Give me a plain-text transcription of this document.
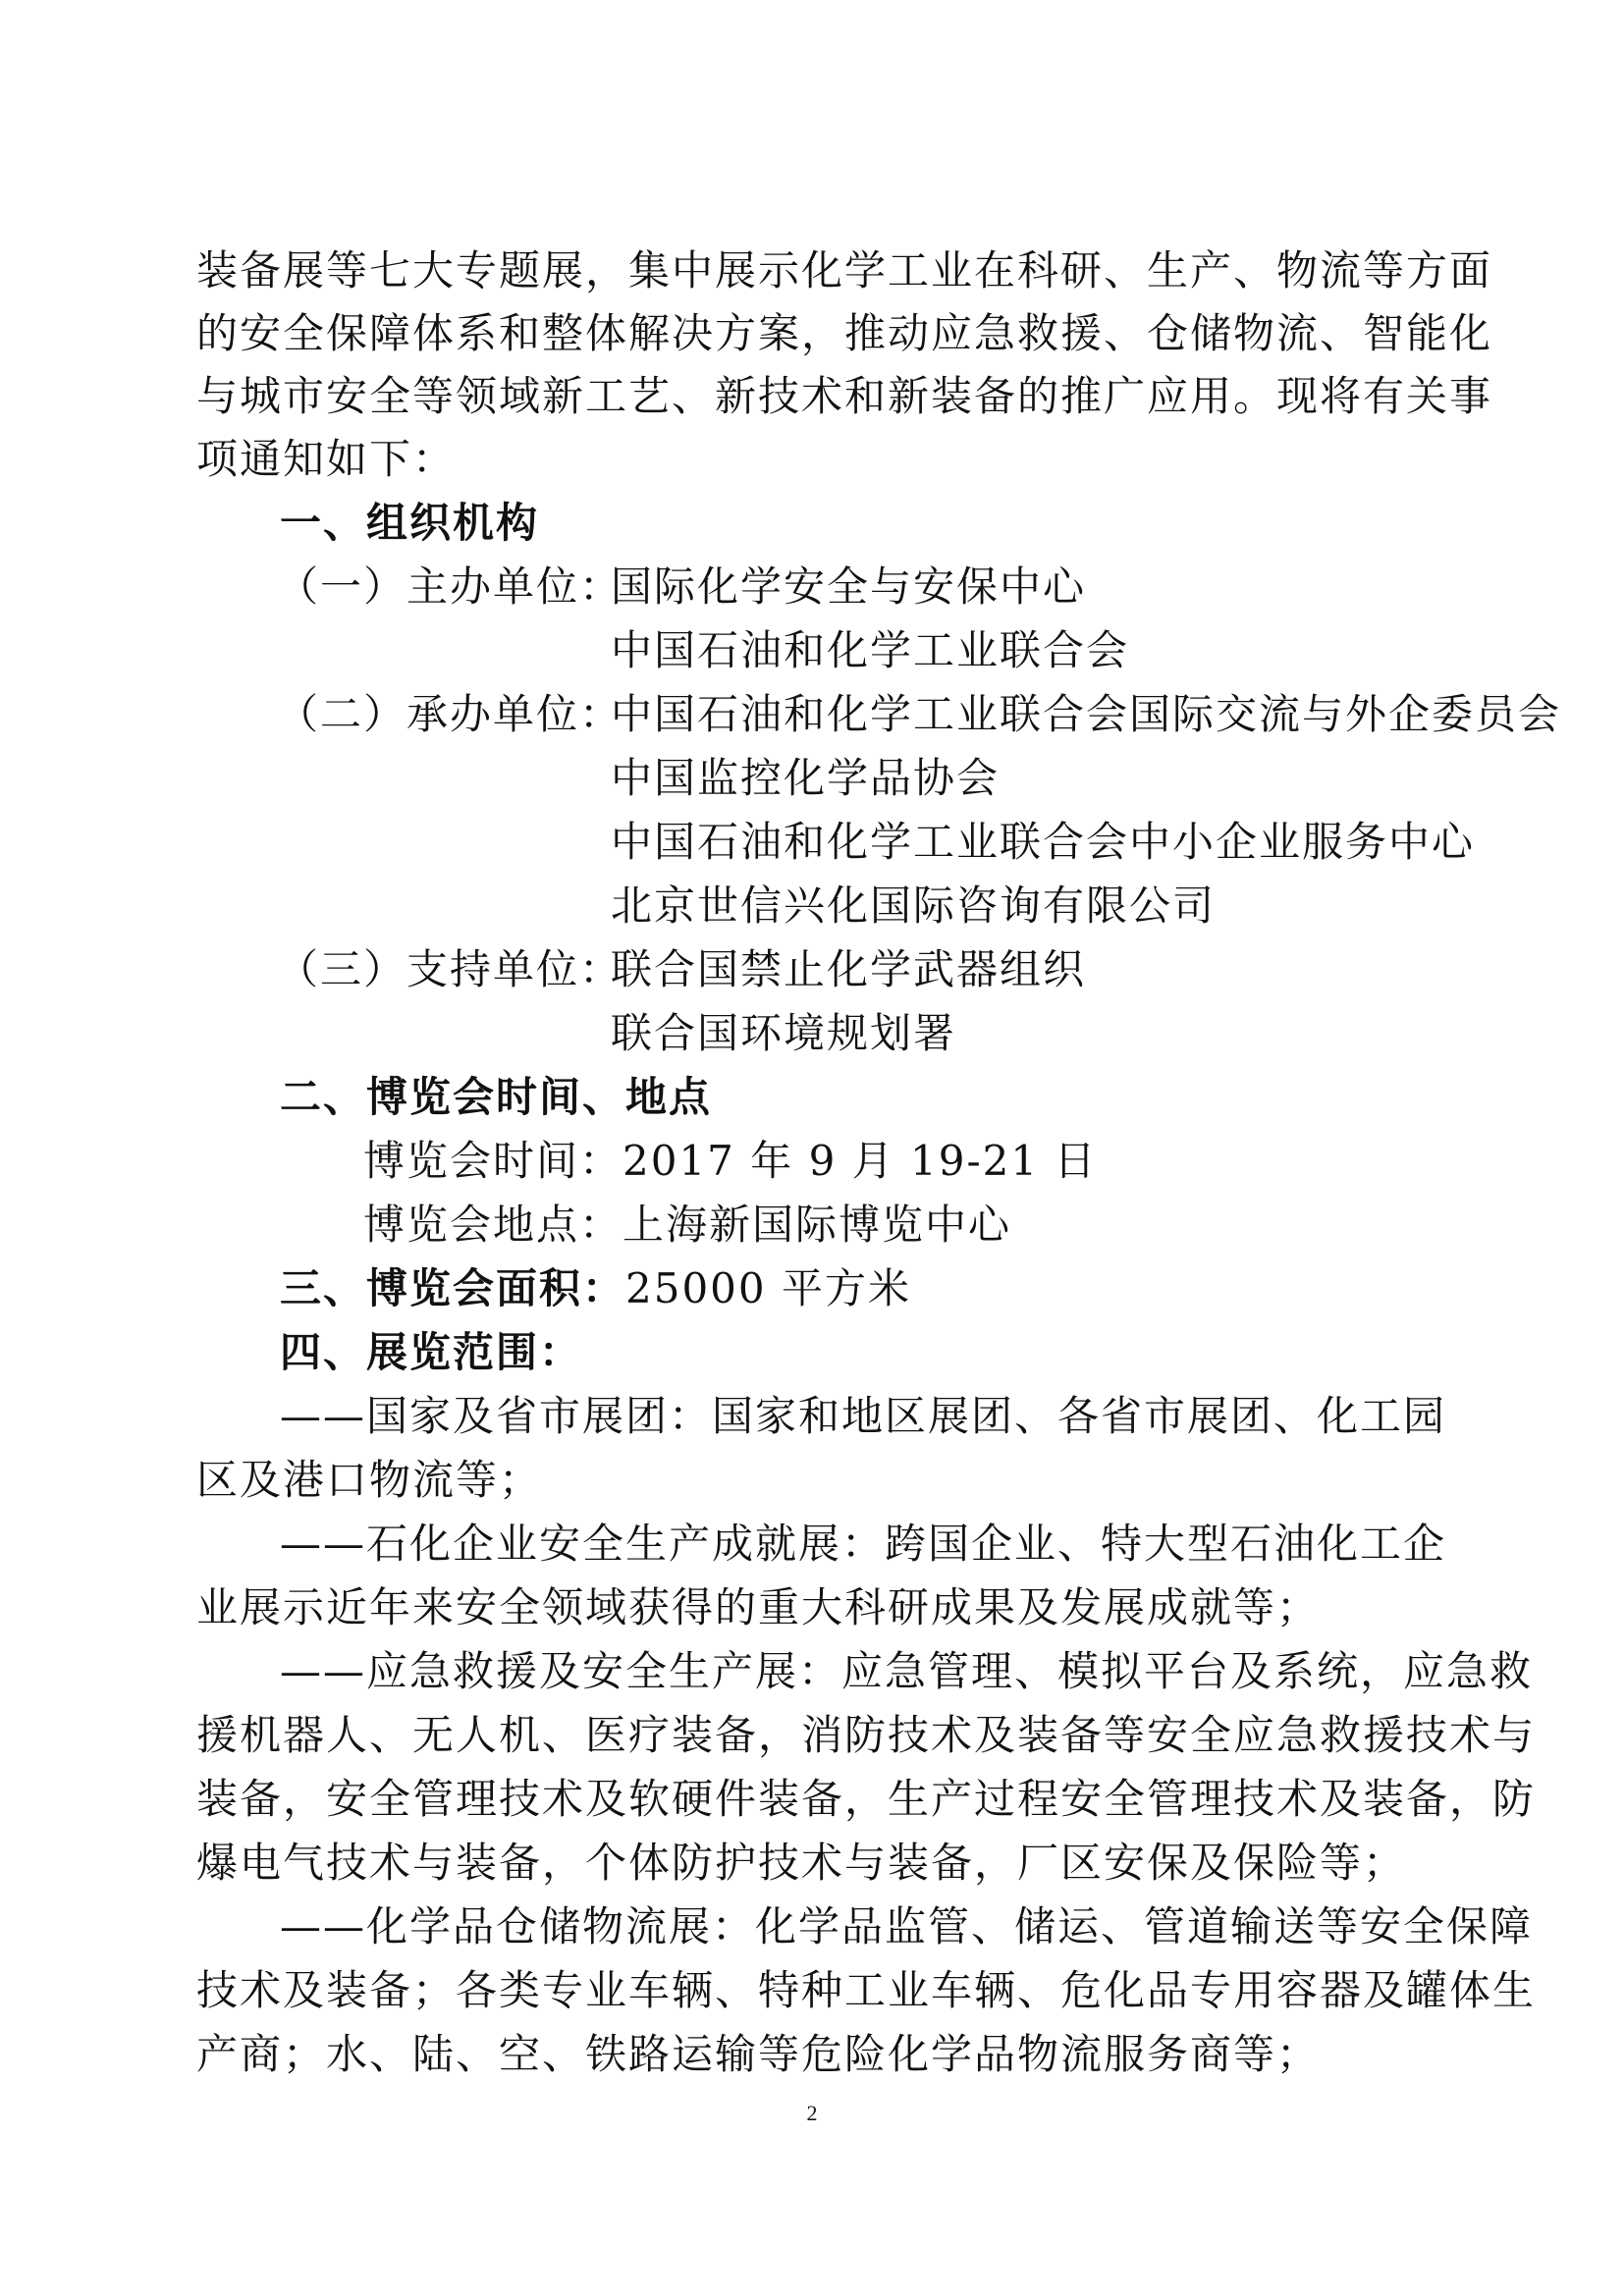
装备展等七大专题展，集中展示化学工业在科研、生产、物流等方面
的安全保障体系和整体解决方案，推动应急救援、仓储物流、智能化
与城市安全等领域新工艺、新技术和新装备的推广应用。现将有关事
项通知如下：
一、组织机构
（一）主办单位：
国际化学安全与安保中心
中国石油和化学工业联合会
（二）承办单位：
中国石油和化学工业联合会国际交流与外企委员会
中国监控化学品协会
中国石油和化学工业联合会中小企业服务中心
北京世信兴化国际咨询有限公司
（三）支持单位：
联合国禁止化学武器组织
联合国环境规划署
二、博览会时间、地点
博览会时间：2017 年 9 月 19-21 日
博览会地点：上海新国际博览中心
三、博览会面积：25000 平方米
四、展览范围：
——国家及省市展团：国家和地区展团、各省市展团、化工园
区及港口物流等；
——石化企业安全生产成就展：跨国企业、特大型石油化工企
业展示近年来安全领域获得的重大科研成果及发展成就等；
——应急救援及安全生产展：应急管理、模拟平台及系统，应急救
援机器人、无人机、医疗装备，消防技术及装备等安全应急救援技术与
装备，安全管理技术及软硬件装备，生产过程安全管理技术及装备，防
爆电气技术与装备，个体防护技术与装备，厂区安保及保险等；
——化学品仓储物流展：化学品监管、储运、管道输送等安全保障
技术及装备；各类专业车辆、特种工业车辆、危化品专用容器及罐体生
产商；水、陆、空、铁路运输等危险化学品物流服务商等；
2
